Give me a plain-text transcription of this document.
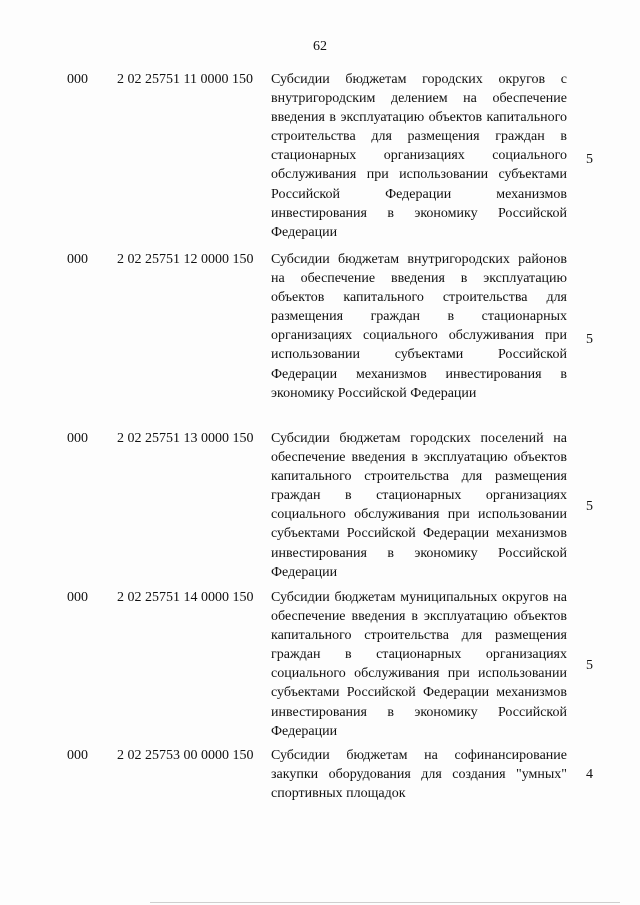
62
000 2 02 25751 11 0000 150 Субсидии бюджетам городских округов с внутригородским делением на обеспечение введения в эксплуатацию объектов капитального строительства для размещения граждан в стационарных организациях социального обслуживания при использовании субъектами Российской Федерации механизмов инвестирования в экономику Российской Федерации
5
000 2 02 25751 12 0000 150 Субсидии бюджетам внутригородских районов на обеспечение введения в эксплуатацию объектов капитального строительства для размещения граждан в стационарных организациях социального обслуживания при использовании субъектами Российской Федерации механизмов инвестирования в экономику Российской Федерации
5
000 2 02 25751 13 0000 150 Субсидии бюджетам городских поселений на обеспечение введения в эксплуатацию объектов капитального строительства для размещения граждан в стационарных организациях социального обслуживания при использовании субъектами Российской Федерации механизмов инвестирования в экономику Российской Федерации
5
000 2 02 25751 14 0000 150 Субсидии бюджетам муниципальных округов на обеспечение введения в эксплуатацию объектов капитального строительства для размещения граждан в стационарных организациях социального обслуживания при использовании субъектами Российской Федерации механизмов инвестирования в экономику Российской Федерации
5
000 2 02 25753 00 0000 150 Субсидии бюджетам на софинансирование закупки оборудования для создания "умных" спортивных площадок
4
